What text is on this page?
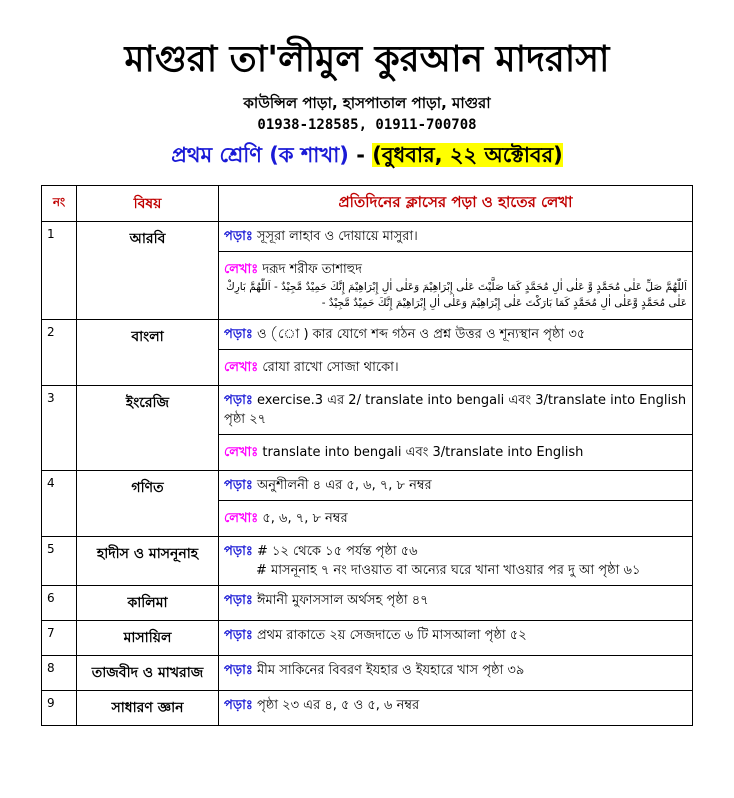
মাগুরা তা'লীমুল কুরআন মাদরাসা
কাউন্সিল পাড়া, হাসপাতাল পাড়া, মাগুরা
01938-128585, 01911-700708
প্রথম শ্রেণি (ক শাখা) - (বুধবার, ২২ অক্টোবর)
নং	বিষয়	প্রতিদিনের ক্লাসের পড়া ও হাতের লেখা
1	আরবি	পড়াঃ সূসূরা লাহাব ও দোয়ায়ে মাসুরা।
		লেখাঃ দরূদ শরীফ তাশাহুদ
اَللّٰهُمَّ صَلِّ عَلٰى مُحَمَّدٍ وَّ عَلٰى اٰلِ مُحَمَّدٍ كَمَا صَلَّيْتَ عَلٰى إِبْرَاهِيْمَ وَعَلٰى اٰلِ إِبْرَاهِيْمَ إِنَّكَ حَمِيْدٌ مَّجِيْدٌ - اَللّٰهُمَّ بَارِكْ عَلٰى مُحَمَّدٍ وَّعَلٰى اٰلِ مُحَمَّدٍ كَمَا بَارَكْتَ عَلٰى إِبْرَاهِيْمَ وَعَلٰى اٰلِ إِبْرَاهِيْمَ إِنَّكَ حَمِيْدٌ مَّجِيْدٌ -

2	বাংলা	পড়াঃ ও (ো ) কার যোগে শব্দ গঠন ও প্রশ্ন উত্তর ও শূন্যস্থান পৃষ্ঠা ৩৫
		লেখাঃ রোযা রাখো সোজা থাকো।
3	ইংরেজি	পড়াঃ exercise.3 এর 2/ translate into bengali এবং 3/translate into English পৃষ্ঠা ২৭
		লেখাঃ translate into bengali এবং 3/translate into English
4	গণিত	পড়াঃ অনুশীলনী ৪ এর ৫, ৬, ৭, ৮ নম্বর
		লেখাঃ ৫, ৬, ৭, ৮ নম্বর
5	হাদীস ও মাসনূনাহ	পড়াঃ # ১২ থেকে ১৫ পর্যন্ত পৃষ্ঠা ৫৬
# মাসনূনাহ ৭ নং দাওয়াত বা অন্যের ঘরে খানা খাওয়ার পর দু আ পৃষ্ঠা ৬১

6	কালিমা	পড়াঃ ঈমানী মুফাসসাল অর্থসহ পৃষ্ঠা ৪৭
7	মাসায়িল	পড়াঃ প্রথম রাকাতে ২য় সেজদাতে ৬ টি মাসআলা পৃষ্ঠা ৫২
8	তাজবীদ ও মাখরাজ	পড়াঃ মীম সাকিনের বিবরণ ইযহার ও ইযহারে খাস পৃষ্ঠা ৩৯
9	সাধারণ জ্ঞান	পড়াঃ পৃষ্ঠা ২৩ এর ৪, ৫ ও ৫, ৬ নম্বর
